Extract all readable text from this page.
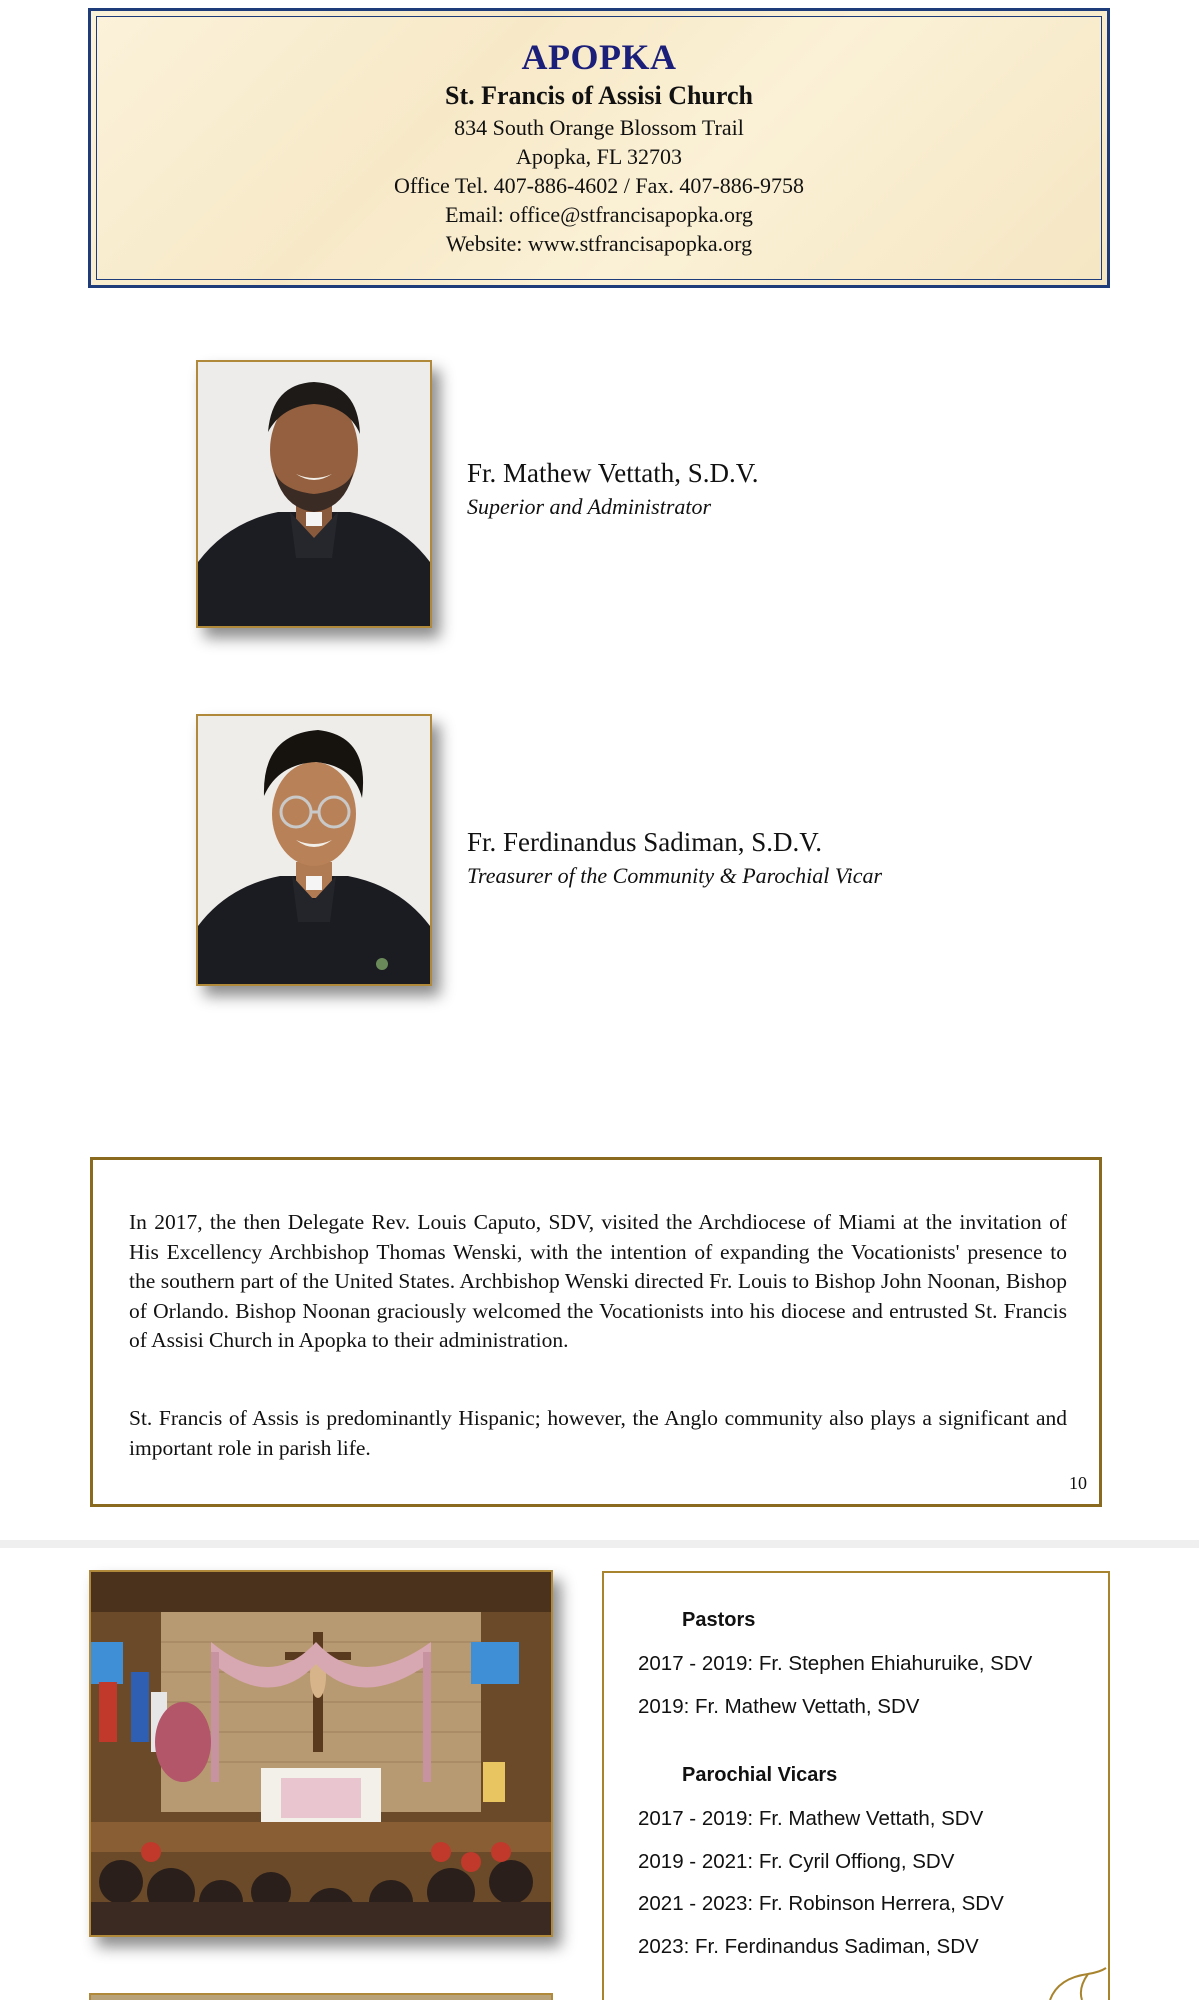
APOPKA
St. Francis of Assisi Church
834 South Orange Blossom Trail
Apopka, FL 32703
Office Tel. 407-886-4602 / Fax. 407-886-9758
Email: office@stfrancisapopka.org
Website: www.stfrancisapopka.org
Fr. Mathew Vettath, S.D.V.
Superior and Administrator
Fr. Ferdinandus Sadiman, S.D.V.
Treasurer of the Community & Parochial Vicar

In 2017, the then Delegate Rev. Louis Caputo, SDV, visited the Archdiocese of Miami at the invitation of His Excellency Archbishop Thomas Wenski, with the intention of expanding the Vocationists' presence to the southern part of the United States. Archbishop Wenski directed Fr. Louis to Bishop John Noonan, Bishop of Orlando. Bishop Noonan graciously welcomed the Vocationists into his diocese and entrusted St. Francis of Assisi Church in Apopka to their administration.

St. Francis of Assis is predominantly Hispanic; however, the Anglo community also plays a significant and important role in parish life.

10
Pastors
2017 - 2019: Fr. Stephen Ehiahuruike, SDV
2019: Fr. Mathew Vettath, SDV
Parochial Vicars
2017 - 2019: Fr. Mathew Vettath, SDV
2019 - 2021: Fr. Cyril Offiong, SDV
2021 - 2023: Fr. Robinson Herrera, SDV
2023: Fr. Ferdinandus Sadiman, SDV
